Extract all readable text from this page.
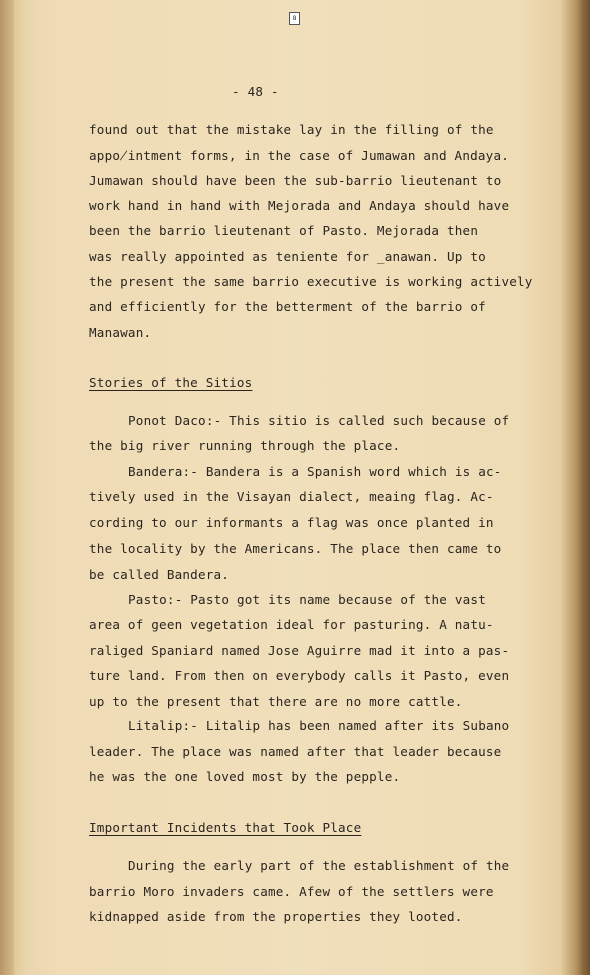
8
- 48 -
found out that the mistake lay in the filling of the
appo̸intment forms, in the case of Jumawan and Andaya.
Jumawan should have been the sub-barrio lieutenant to
work hand in hand with Mejorada and Andaya should have
been the barrio lieutenant of Pasto. Mejorada then
was really appointed as teniente for _anawan. Up to
the present the same barrio executive is working actively
and efficiently for the betterment of the barrio of
Manawan.
Stories of the Sitios
Ponot Daco:- This sitio is called such because of
the big river running through the place.
Bandera:- Bandera is a Spanish word which is ac-
tively used in the Visayan dialect, meaing flag. Ac-
cording to our informants a flag was once planted in
the locality by the Americans. The place then came to
be called Bandera.
Pasto:- Pasto got its name because of the vast
area of geen vegetation ideal for pasturing. A natu-
raliged Spaniard named Jose Aguirre mad it into a pas-
ture land. From then on everybody calls it Pasto, even
up to the present that there are no more cattle.
Litalip:- Litalip has been named after its Subano
leader. The place was named after that leader because
he was the one loved most by the pepple.
Important Incidents that Took Place
During the early part of the establishment of the
barrio Moro invaders came. Afew of the settlers were
kidnapped aside from the properties they looted.
